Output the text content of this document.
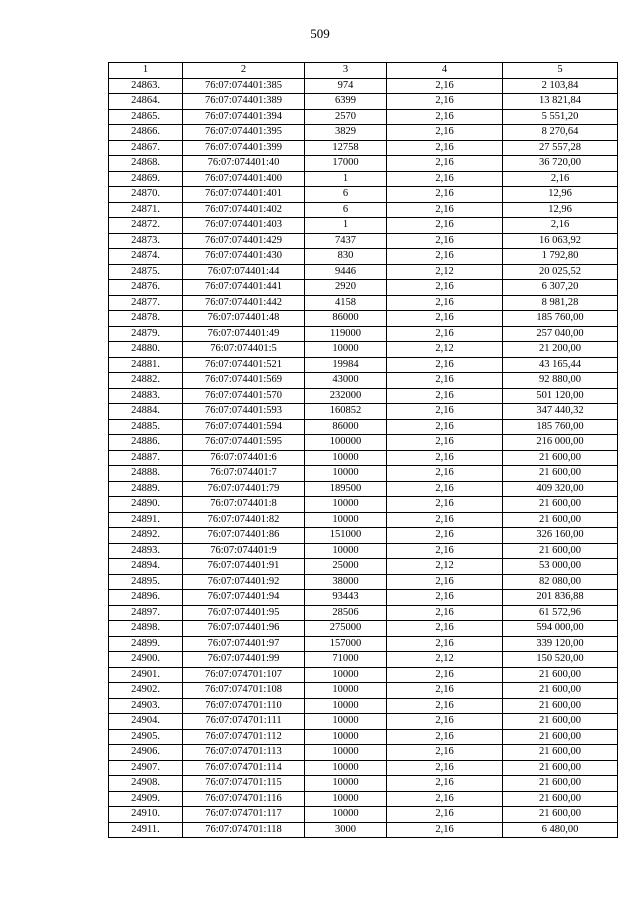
509
1	2	3	4	5
24863.	76:07:074401:385	974	2,16	2 103,84
24864.	76:07:074401:389	6399	2,16	13 821,84
24865.	76:07:074401:394	2570	2,16	5 551,20
24866.	76:07:074401:395	3829	2,16	8 270,64
24867.	76:07:074401:399	12758	2,16	27 557,28
24868.	76:07:074401:40	17000	2,16	36 720,00
24869.	76:07:074401:400	1	2,16	2,16
24870.	76:07:074401:401	6	2,16	12,96
24871.	76:07:074401:402	6	2,16	12,96
24872.	76:07:074401:403	1	2,16	2,16
24873.	76:07:074401:429	7437	2,16	16 063,92
24874.	76:07:074401:430	830	2,16	1 792,80
24875.	76:07:074401:44	9446	2,12	20 025,52
24876.	76:07:074401:441	2920	2,16	6 307,20
24877.	76:07:074401:442	4158	2,16	8 981,28
24878.	76:07:074401:48	86000	2,16	185 760,00
24879.	76:07:074401:49	119000	2,16	257 040,00
24880.	76:07:074401:5	10000	2,12	21 200,00
24881.	76:07:074401:521	19984	2,16	43 165,44
24882.	76:07:074401:569	43000	2,16	92 880,00
24883.	76:07:074401:570	232000	2,16	501 120,00
24884.	76:07:074401:593	160852	2,16	347 440,32
24885.	76:07:074401:594	86000	2,16	185 760,00
24886.	76:07:074401:595	100000	2,16	216 000,00
24887.	76:07:074401:6	10000	2,16	21 600,00
24888.	76:07:074401:7	10000	2,16	21 600,00
24889.	76:07:074401:79	189500	2,16	409 320,00
24890.	76:07:074401:8	10000	2,16	21 600,00
24891.	76:07:074401:82	10000	2,16	21 600,00
24892.	76:07:074401:86	151000	2,16	326 160,00
24893.	76:07:074401:9	10000	2,16	21 600,00
24894.	76:07:074401:91	25000	2,12	53 000,00
24895.	76:07:074401:92	38000	2,16	82 080,00
24896.	76:07:074401:94	93443	2,16	201 836,88
24897.	76:07:074401:95	28506	2,16	61 572,96
24898.	76:07:074401:96	275000	2,16	594 000,00
24899.	76:07:074401:97	157000	2,16	339 120,00
24900.	76:07:074401:99	71000	2,12	150 520,00
24901.	76:07:074701:107	10000	2,16	21 600,00
24902.	76:07:074701:108	10000	2,16	21 600,00
24903.	76:07:074701:110	10000	2,16	21 600,00
24904.	76:07:074701:111	10000	2,16	21 600,00
24905.	76:07:074701:112	10000	2,16	21 600,00
24906.	76:07:074701:113	10000	2,16	21 600,00
24907.	76:07:074701:114	10000	2,16	21 600,00
24908.	76:07:074701:115	10000	2,16	21 600,00
24909.	76:07:074701:116	10000	2,16	21 600,00
24910.	76:07:074701:117	10000	2,16	21 600,00
24911.	76:07:074701:118	3000	2,16	6 480,00
